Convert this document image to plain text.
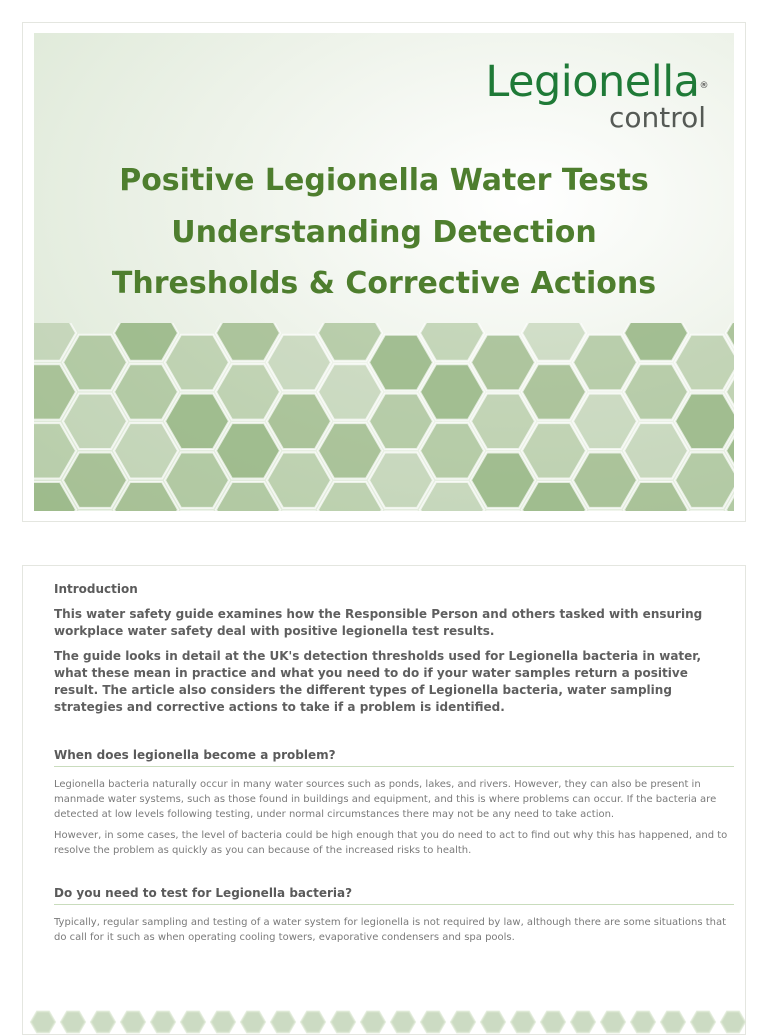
Legionella®
control
Positive Legionella Water Tests
Understanding Detection
Thresholds & Corrective Actions
Introduction

This water safety guide examines how the Responsible Person and others tasked with ensuring workplace water safety deal with positive legionella test results.

The guide looks in detail at the UK's detection thresholds used for Legionella bacteria in water, what these mean in practice and what you need to do if your water samples return a positive result. The article also considers the different types of Legionella bacteria, water sampling strategies and corrective actions to take if a problem is identified.

When does legionella become a problem?

Legionella bacteria naturally occur in many water sources such as ponds, lakes, and rivers. However, they can also be present in manmade water systems, such as those found in buildings and equipment, and this is where problems can occur. If the bacteria are detected at low levels following testing, under normal circumstances there may not be any need to take action.

However, in some cases, the level of bacteria could be high enough that you do need to act to find out why this has happened, and to resolve the problem as quickly as you can because of the increased risks to health.

Do you need to test for Legionella bacteria?

Typically, regular sampling and testing of a water system for legionella is not required by law, although there are some situations that do call for it such as when operating cooling towers, evaporative condensers and spa pools.
